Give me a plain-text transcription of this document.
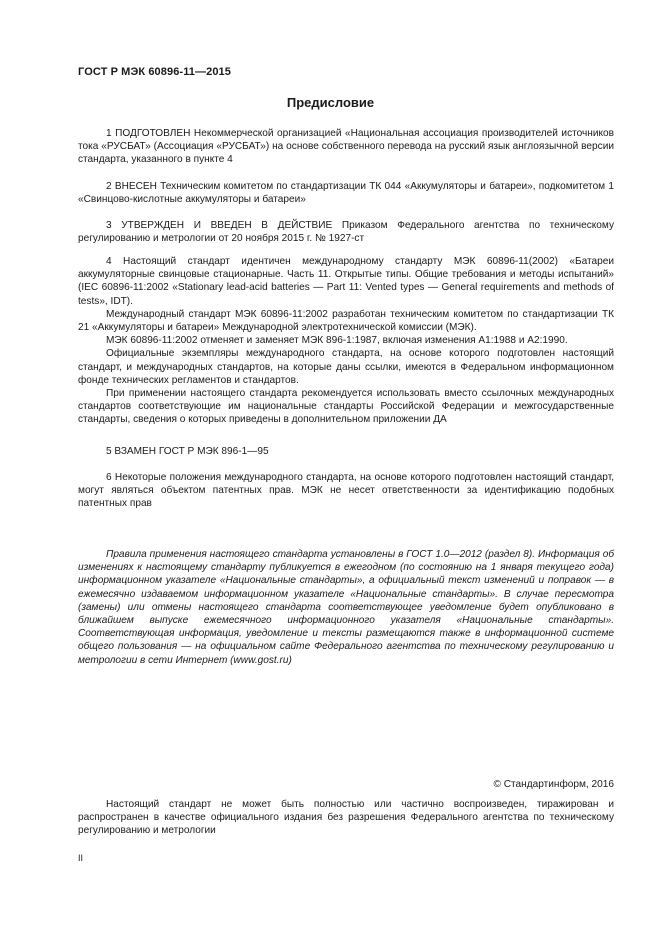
ГОСТ Р МЭК 60896-11—2015
Предисловие

1 ПОДГОТОВЛЕН Некоммерческой организацией «Национальная ассоциация производителей источников тока «РУСБАТ» (Ассоциация «РУСБАТ») на основе собственного перевода на русский язык англоязычной версии стандарта, указанного в пункте 4

2 ВНЕСЕН Техническим комитетом по стандартизации ТК 044 «Аккумуляторы и батареи», подкомитетом 1 «Свинцово-кислотные аккумуляторы и батареи»

3 УТВЕРЖДЕН И ВВЕДЕН В ДЕЙСТВИЕ Приказом Федерального агентства по техническому регулированию и метрологии от 20 ноября 2015 г. № 1927-ст

4 Настоящий стандарт идентичен международному стандарту МЭК 60896-11(2002) «Батареи аккумуляторные свинцовые стационарные. Часть 11. Открытые типы. Общие требования и методы испытаний» (IEC 60896-11:2002 «Stationary lead-acid batteries — Part 11: Vented types — General requirements and methods of tests», IDT).

Международный стандарт МЭК 60896-11:2002 разработан техническим комитетом по стандартизации ТК 21 «Аккумуляторы и батареи» Международной электротехнической комиссии (МЭК).

МЭК 60896-11:2002 отменяет и заменяет МЭК 896-1:1987, включая изменения А1:1988 и А2:1990.

Официальные экземпляры международного стандарта, на основе которого подготовлен настоящий стандарт, и международных стандартов, на которые даны ссылки, имеются в Федеральном информационном фонде технических регламентов и стандартов.

При применении настоящего стандарта рекомендуется использовать вместо ссылочных международных стандартов соответствующие им национальные стандарты Российской Федерации и межгосударственные стандарты, сведения о которых приведены в дополнительном приложении ДА

5 ВЗАМЕН ГОСТ Р МЭК 896-1—95

6 Некоторые положения международного стандарта, на основе которого подготовлен настоящий стандарт, могут являться объектом патентных прав. МЭК не несет ответственности за идентификацию подобных патентных прав

Правила применения настоящего стандарта установлены в ГОСТ 1.0—2012 (раздел 8). Информация об изменениях к настоящему стандарту публикуется в ежегодном (по состоянию на 1 января текущего года) информационном указателе «Национальные стандарты», а официальный текст изменений и поправок — в ежемесячно издаваемом информационном указателе «Национальные стандарты». В случае пересмотра (замены) или отмены настоящего стандарта соответствующее уведомление будет опубликовано в ближайшем выпуске ежемесячного информационного указателя «Национальные стандарты». Соответствующая информация, уведомление и тексты размещаются также в информационной системе общего пользования — на официальном сайте Федерального агентства по техническому регулированию и метрологии в сети Интернет (www.gost.ru)

© Стандартинформ, 2016

Настоящий стандарт не может быть полностью или частично воспроизведен, тиражирован и распространен в качестве официального издания без разрешения Федерального агентства по техническому регулированию и метрологии

II
